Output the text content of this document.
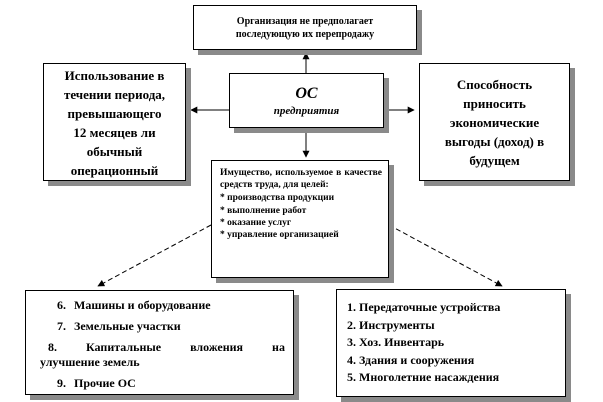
Организация не предполагает
последующую их перепродажу
Использование в
течении периода,
превышающего
12 месяцев ли
обычный
операционный
Способность
приносить
экономические
выгоды (доход) в
будущем
ОС
предприятия
Имущество, используемое в качестве средств труда, для целей:
* производства продукции
* выполнение работ
* оказание услуг
* управление организацией
6. Машины и оборудование
7. Земельные участки
8. Капитальные вложения на
улучшение земель
9. Прочие ОС
1. Передаточные устройства
2. Инструменты
3. Хоз. Инвентарь
4. Здания и сооружения
5. Многолетние насаждения
